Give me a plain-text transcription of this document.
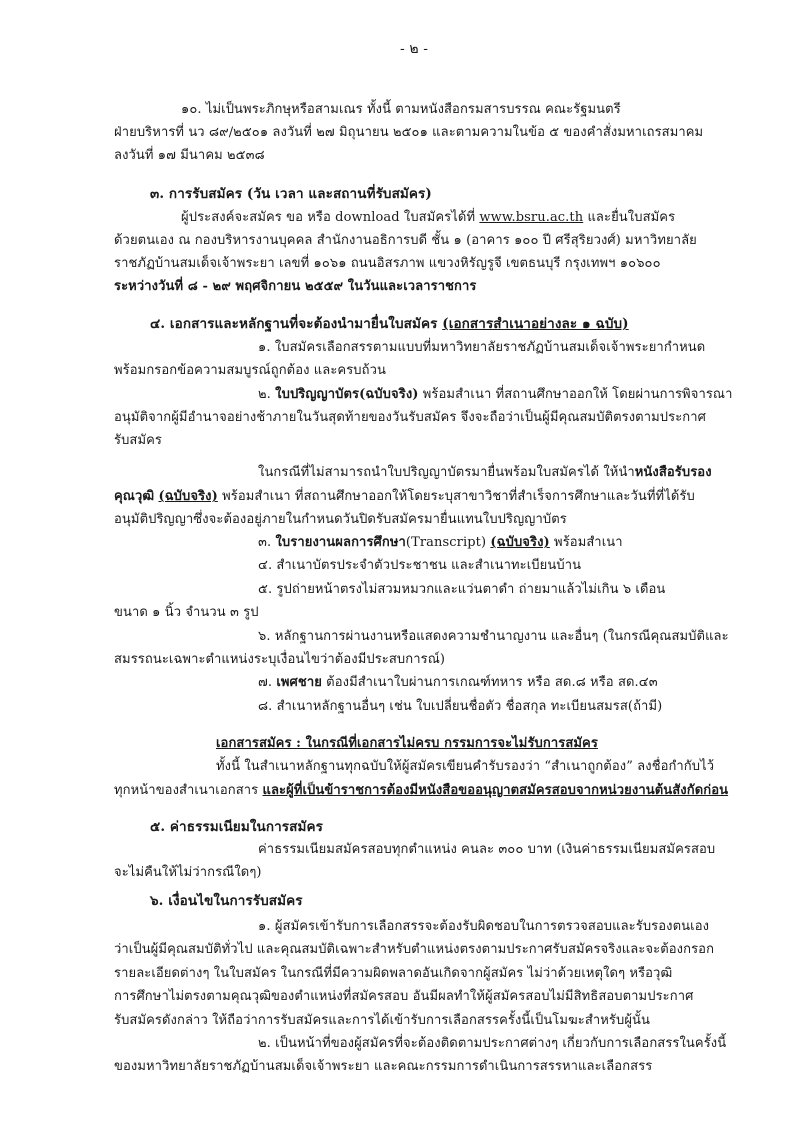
- ๒ -
๑๐. ไม่เป็นพระภิกษุหรือสามเณร ทั้งนี้ ตามหนังสือกรมสารบรรณ คณะรัฐมนตรี
ฝ่ายบริหารที่ นว ๘๙/๒๕๐๑ ลงวันที่ ๒๗ มิถุนายน ๒๕๐๑ และตามความในข้อ ๕ ของคำสั่งมหาเถรสมาคม
ลงวันที่ ๑๗ มีนาคม ๒๕๓๘
๓. การรับสมัคร (วัน เวลา และสถานที่รับสมัคร)
ผู้ประสงค์จะสมัคร ขอ หรือ download ใบสมัครได้ที่ www.bsru.ac.th และยื่นใบสมัคร
ด้วยตนเอง ณ กองบริหารงานบุคคล สำนักงานอธิการบดี ชั้น ๑ (อาคาร ๑๐๐ ปี ศรีสุริยวงศ์) มหาวิทยาลัย
ราชภัฏบ้านสมเด็จเจ้าพระยา เลขที่ ๑๐๖๑ ถนนอิสรภาพ แขวงหิรัญรูจี เขตธนบุรี กรุงเทพฯ ๑๐๖๐๐
ระหว่างวันที่ ๘ - ๒๙ พฤศจิกายน ๒๕๕๙ ในวันและเวลาราชการ
๔. เอกสารและหลักฐานที่จะต้องนำมายื่นใบสมัคร (เอกสารสำเนาอย่างละ ๑ ฉบับ)
๑. ใบสมัครเลือกสรรตามแบบที่มหาวิทยาลัยราชภัฏบ้านสมเด็จเจ้าพระยากำหนด
พร้อมกรอกข้อความสมบูรณ์ถูกต้อง และครบถ้วน
๒. ใบปริญญาบัตร(ฉบับจริง) พร้อมสำเนา ที่สถานศึกษาออกให้ โดยผ่านการพิจารณา
อนุมัติจากผู้มีอำนาจอย่างช้าภายในวันสุดท้ายของวันรับสมัคร จึงจะถือว่าเป็นผู้มีคุณสมบัติตรงตามประกาศ
รับสมัคร
ในกรณีที่ไม่สามารถนำใบปริญญาบัตรมายื่นพร้อมใบสมัครได้ ให้นำหนังสือรับรอง
คุณวุฒิ (ฉบับจริง) พร้อมสำเนา ที่สถานศึกษาออกให้โดยระบุสาขาวิชาที่สำเร็จการศึกษาและวันที่ที่ได้รับ
อนุมัติปริญญาซึ่งจะต้องอยู่ภายในกำหนดวันปิดรับสมัครมายื่นแทนใบปริญญาบัตร
๓. ใบรายงานผลการศึกษา(Transcript) (ฉบับจริง) พร้อมสำเนา
๔. สำเนาบัตรประจำตัวประชาชน และสำเนาทะเบียนบ้าน
๕. รูปถ่ายหน้าตรงไม่สวมหมวกและแว่นตาดำ ถ่ายมาแล้วไม่เกิน ๖ เดือน
ขนาด ๑ นิ้ว จำนวน ๓ รูป
๖. หลักฐานการผ่านงานหรือแสดงความชำนาญงาน และอื่นๆ (ในกรณีคุณสมบัติและ
สมรรถนะเฉพาะตำแหน่งระบุเงื่อนไขว่าต้องมีประสบการณ์)
๗. เพศชาย ต้องมีสำเนาใบผ่านการเกณฑ์ทหาร หรือ สด.๘ หรือ สด.๔๓
๘. สำเนาหลักฐานอื่นๆ เช่น ใบเปลี่ยนชื่อตัว ชื่อสกุล ทะเบียนสมรส(ถ้ามี)
เอกสารสมัคร : ในกรณีที่เอกสารไม่ครบ กรรมการจะไม่รับการสมัคร
ทั้งนี้ ในสำเนาหลักฐานทุกฉบับให้ผู้สมัครเขียนคำรับรองว่า “สำเนาถูกต้อง” ลงชื่อกำกับไว้
ทุกหน้าของสำเนาเอกสาร และผู้ที่เป็นข้าราชการต้องมีหนังสือขออนุญาตสมัครสอบจากหน่วยงานต้นสังกัดก่อน
๕. ค่าธรรมเนียมในการสมัคร
ค่าธรรมเนียมสมัครสอบทุกตำแหน่ง คนละ ๓๐๐ บาท (เงินค่าธรรมเนียมสมัครสอบ
จะไม่คืนให้ไม่ว่ากรณีใดๆ)
๖. เงื่อนไขในการรับสมัคร
๑. ผู้สมัครเข้ารับการเลือกสรรจะต้องรับผิดชอบในการตรวจสอบและรับรองตนเอง
ว่าเป็นผู้มีคุณสมบัติทั่วไป และคุณสมบัติเฉพาะสำหรับตำแหน่งตรงตามประกาศรับสมัครจริงและจะต้องกรอก
รายละเอียดต่างๆ ในใบสมัคร ในกรณีที่มีความผิดพลาดอันเกิดจากผู้สมัคร ไม่ว่าด้วยเหตุใดๆ หรือวุฒิ
การศึกษาไม่ตรงตามคุณวุฒิของตำแหน่งที่สมัครสอบ อันมีผลทำให้ผู้สมัครสอบไม่มีสิทธิสอบตามประกาศ
รับสมัครดังกล่าว ให้ถือว่าการรับสมัครและการได้เข้ารับการเลือกสรรครั้งนี้เป็นโมฆะสำหรับผู้นั้น
๒. เป็นหน้าที่ของผู้สมัครที่จะต้องติดตามประกาศต่างๆ เกี่ยวกับการเลือกสรรในครั้งนี้
ของมหาวิทยาลัยราชภัฏบ้านสมเด็จเจ้าพระยา และคณะกรรมการดำเนินการสรรหาและเลือกสรร
